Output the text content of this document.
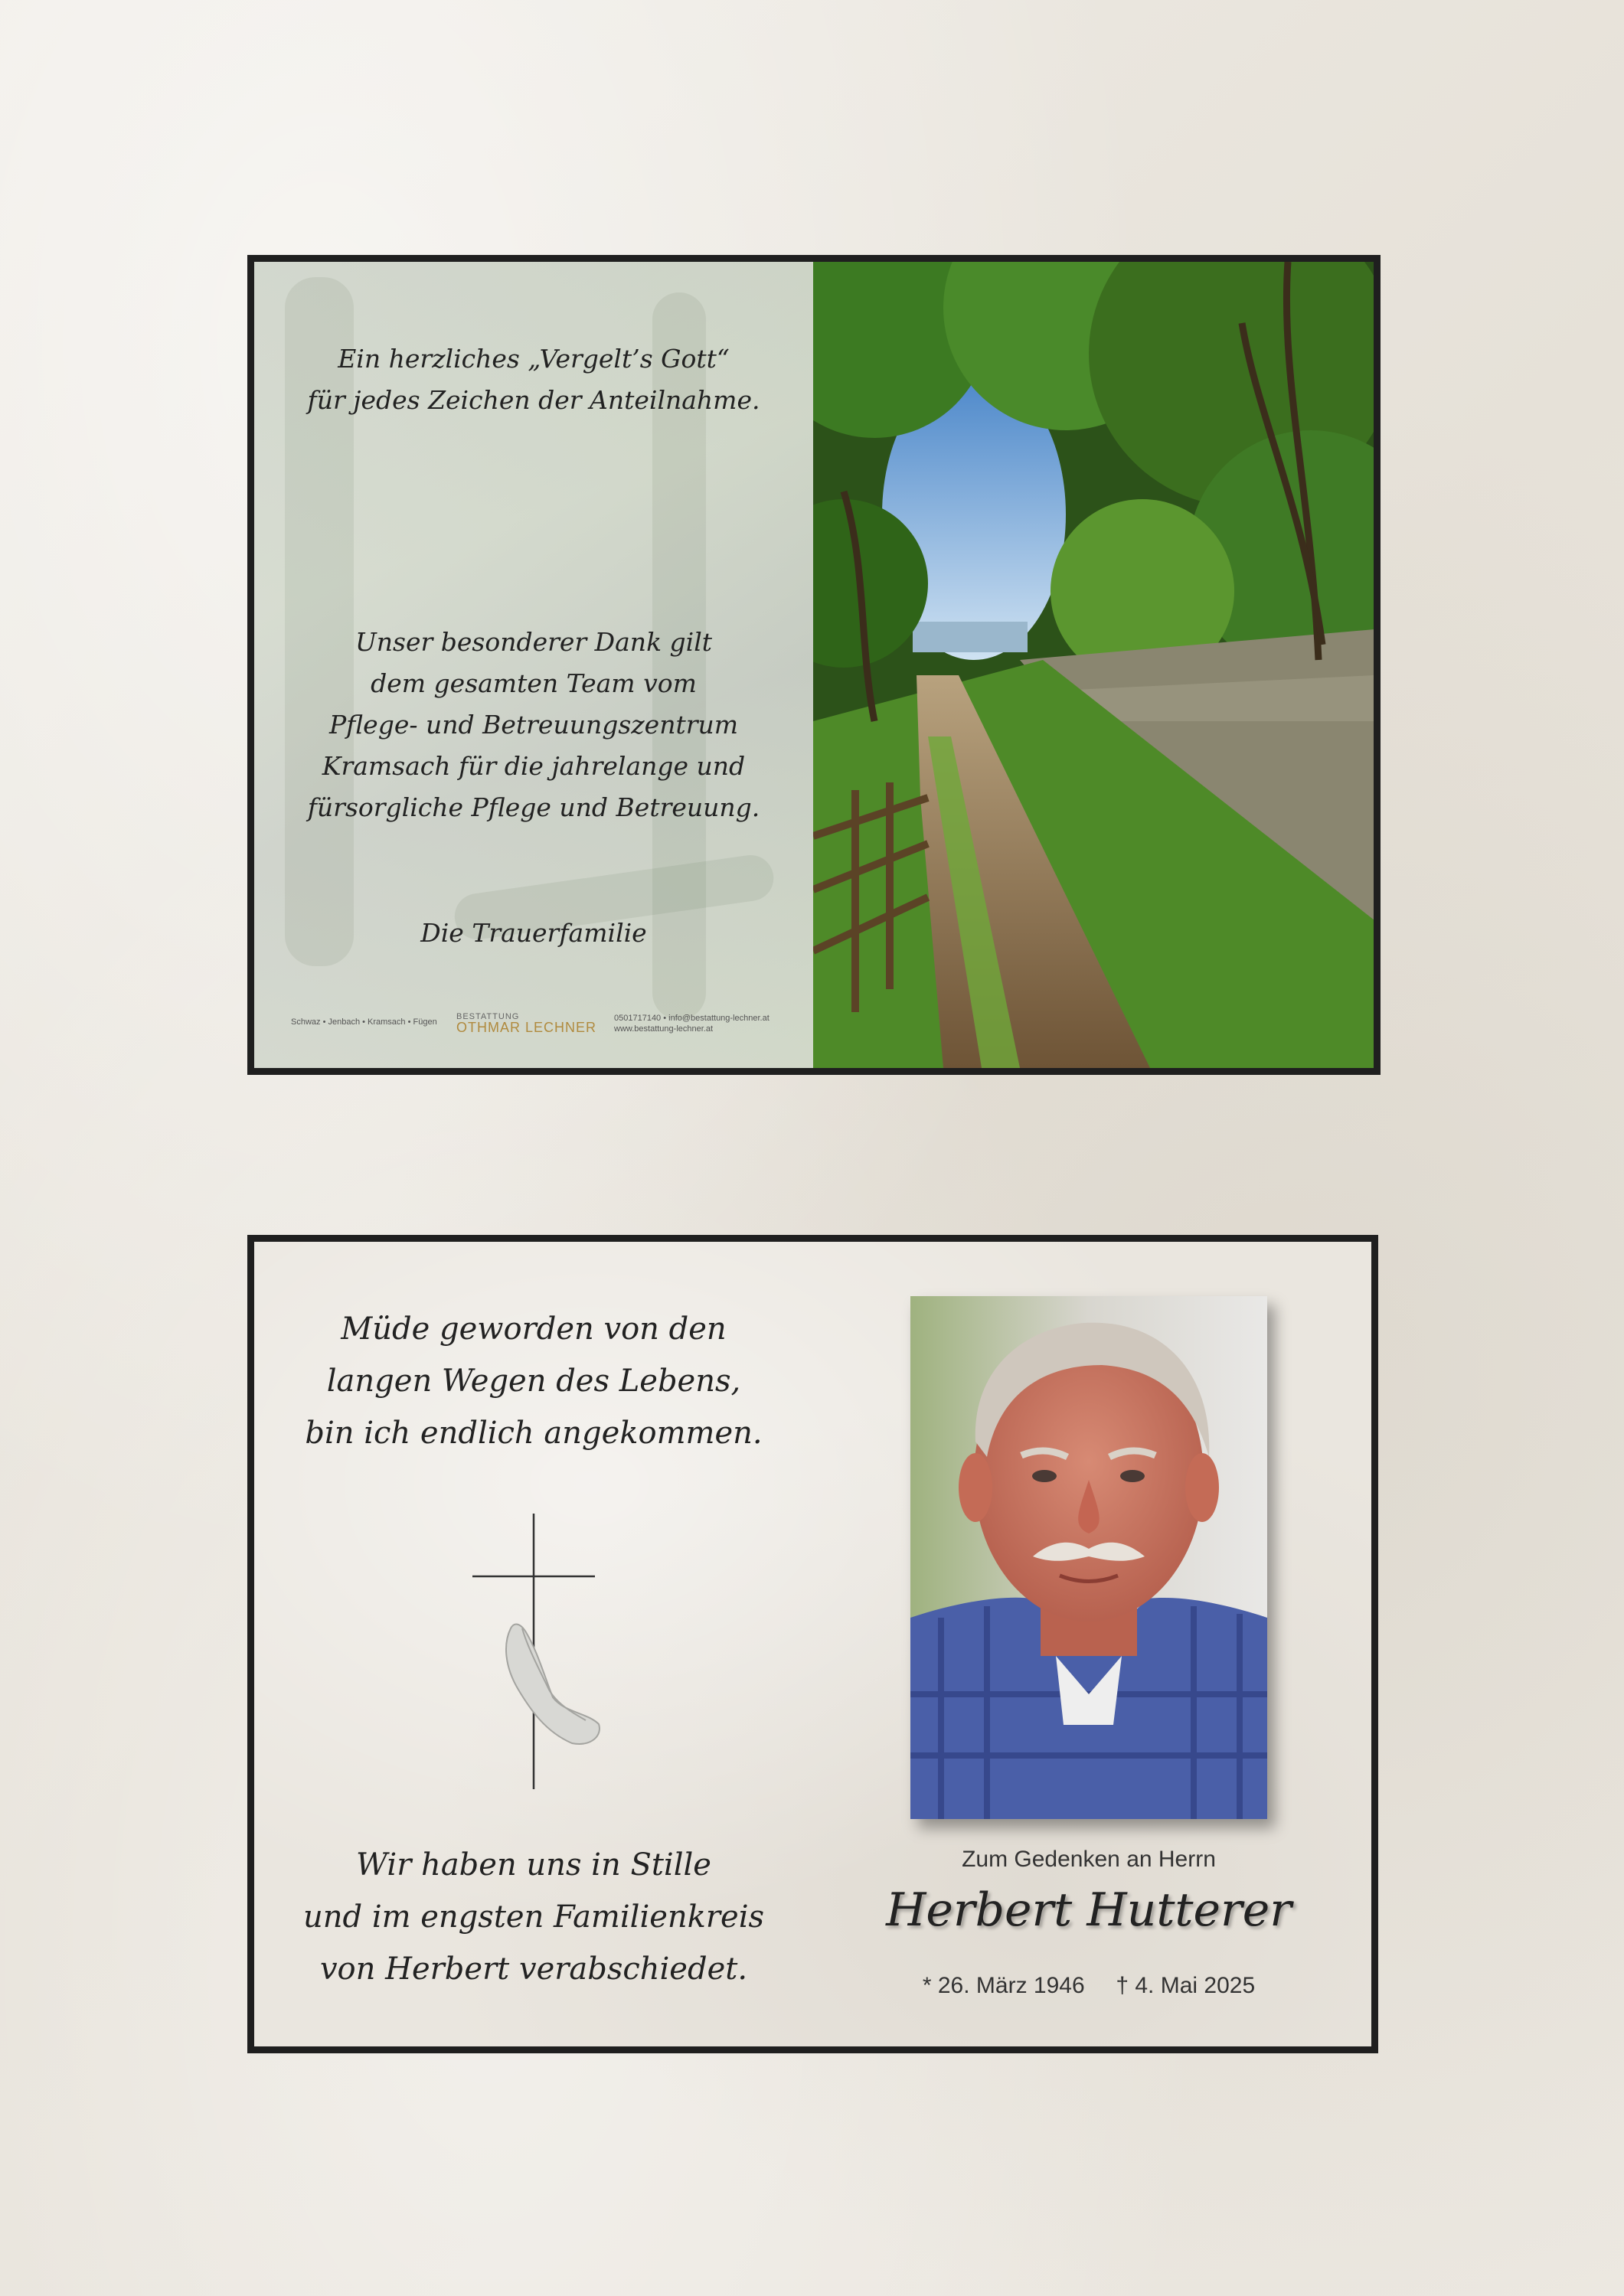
Ein herzliches „Vergelt’s Gott“
für jedes Zeichen der Anteilnahme.
Unser besonderer Dank gilt
dem gesamten Team vom
Pflege- und Betreuungszentrum
Kramsach für die jahrelange und
fürsorgliche Pflege und Betreuung.
Die Trauerfamilie
Schwaz • Jenbach • Kramsach • Fügen
BESTATTUNG
OTHMAR LECHNER
0501717140 • info@bestattung-lechner.at
www.bestattung-lechner.at
Müde geworden von den
langen Wegen des Lebens,
bin ich endlich angekommen.
Wir haben uns in Stille
und im engsten Familienkreis
von Herbert verabschiedet.
Zum Gedenken an Herrn
Herbert Hutterer
* 26. März 1946 † 4. Mai 2025
